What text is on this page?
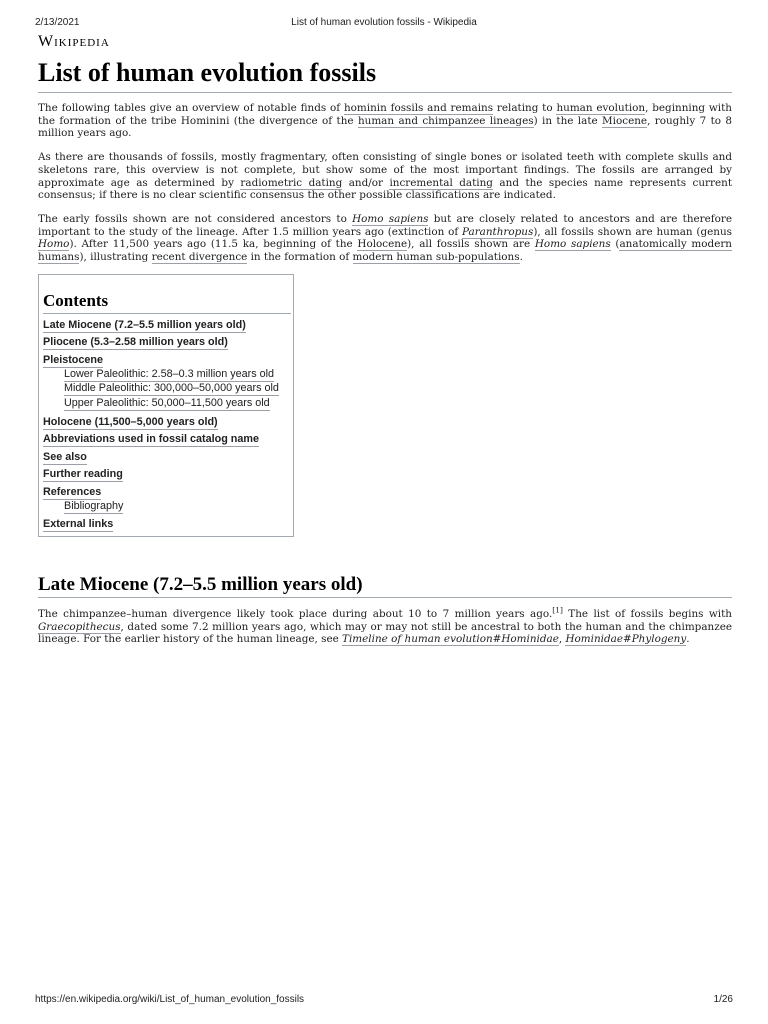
2/13/2021	List of human evolution fossils - Wikipedia
Wikipedia
List of human evolution fossils

The following tables give an overview of notable finds of hominin fossils and remains relating to human evolution, beginning with the formation of the tribe Hominini (the divergence of the human and chimpanzee lineages) in the late Miocene, roughly 7 to 8 million years ago.

As there are thousands of fossils, mostly fragmentary, often consisting of single bones or isolated teeth with complete skulls and skeletons rare, this overview is not complete, but show some of the most important findings. The fossils are arranged by approximate age as determined by radiometric dating and/or incremental dating and the species name represents current consensus; if there is no clear scientific consensus the other possible classifications are indicated.

The early fossils shown are not considered ancestors to Homo sapiens but are closely related to ancestors and are therefore important to the study of the lineage. After 1.5 million years ago (extinction of Paranthropus), all fossils shown are human (genus Homo). After 11,500 years ago (11.5 ka, beginning of the Holocene), all fossils shown are Homo sapiens (anatomically modern humans), illustrating recent divergence in the formation of modern human sub-populations.

Contents
Late Miocene (7.2–5.5 million years old)
Pliocene (5.3–2.58 million years old)
Pleistocene
Lower Paleolithic: 2.58–0.3 million years old
Middle Paleolithic: 300,000–50,000 years old
Upper Paleolithic: 50,000–11,500 years old
Holocene (11,500–5,000 years old)
Abbreviations used in fossil catalog name
See also
Further reading
References
Bibliography
External links
Late Miocene (7.2–5.5 million years old)

The chimpanzee–human divergence likely took place during about 10 to 7 million years ago.[1] The list of fossils begins with Graecopithecus, dated some 7.2 million years ago, which may or may not still be ancestral to both the human and the chimpanzee lineage. For the earlier history of the human lineage, see Timeline of human evolution#Hominidae, Hominidae#Phylogeny.

https://en.wikipedia.org/wiki/List_of_human_evolution_fossils	1/26
